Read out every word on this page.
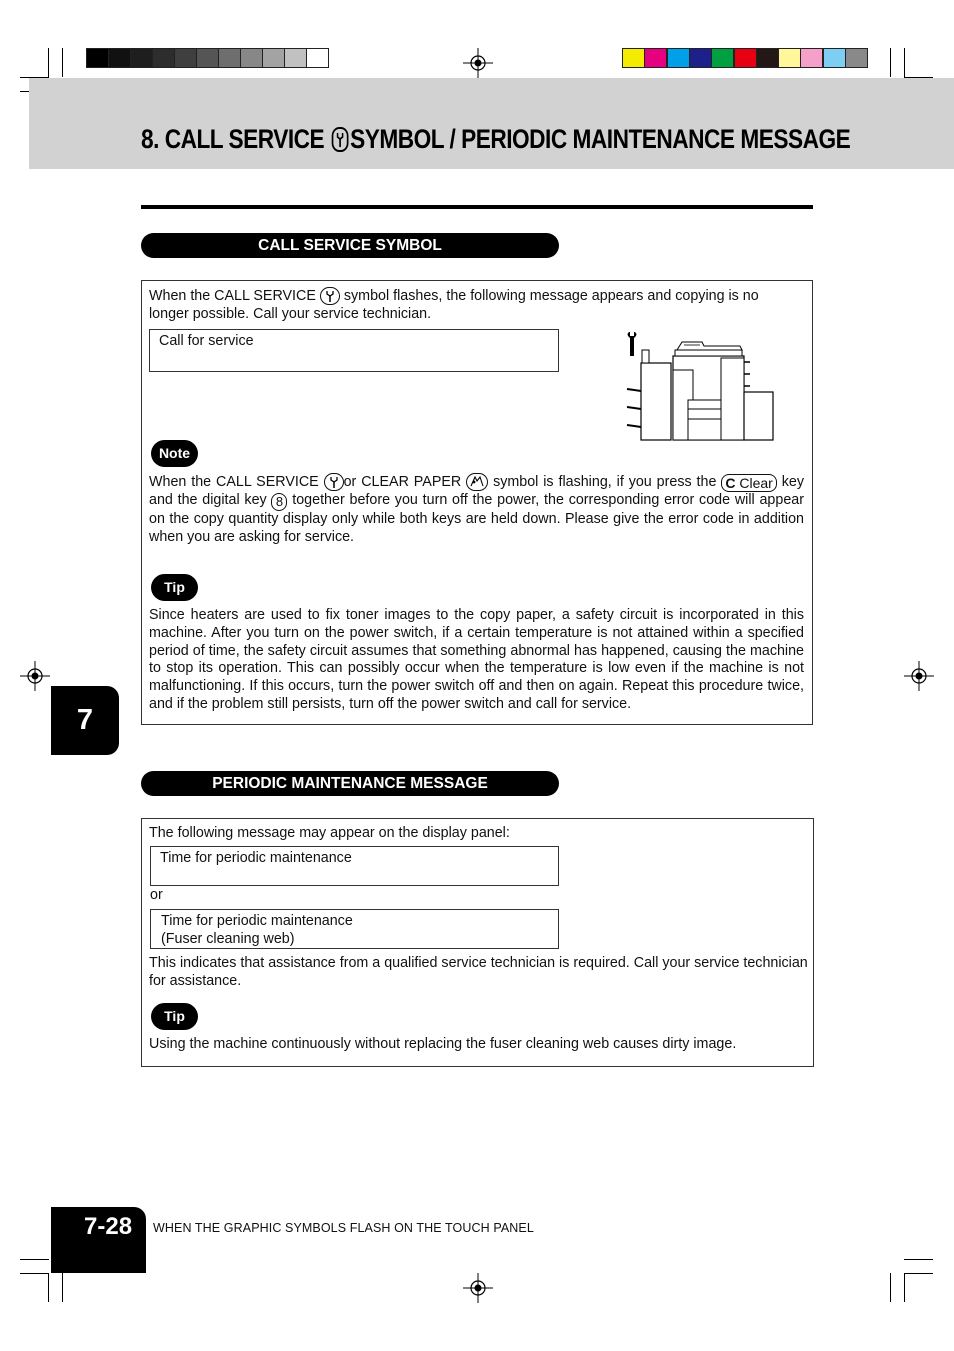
8. CALL SERVICE SYMBOL / PERIODIC MAINTENANCE MESSAGE
CALL SERVICE SYMBOL
When the CALL SERVICE symbol flashes, the following message appears and copying is no longer possible. Call your service technician.
Call for service
Note
When the CALL SERVICE or CLEAR PAPER symbol is flashing, if you press the C Clear key and the digital key 8 together before you turn off the power, the corresponding error code will appear on the copy quantity display only while both keys are held down. Please give the error code in addition when you are asking for service.
Tip
Since heaters are used to fix toner images to the copy paper, a safety circuit is incorporated in this machine. After you turn on the power switch, if a certain temperature is not attained within a specified period of time, the safety circuit assumes that something abnormal has happened, causing the machine to stop its operation. This can possibly occur when the temperature is low even if the machine is not malfunctioning. If this occurs, turn the power switch off and then on again. Repeat this procedure twice, and if the problem still persists, turn off the power switch and call for service.
7
PERIODIC MAINTENANCE MESSAGE
The following message may appear on the display panel:
Time for periodic maintenance
or
Time for periodic maintenance
(Fuser cleaning web)
This indicates that assistance from a qualified service technician is required. Call your service technician for assistance.
Tip
Using the machine continuously without replacing the fuser cleaning web causes dirty image.
7-28	WHEN THE GRAPHIC SYMBOLS FLASH ON THE TOUCH PANEL
